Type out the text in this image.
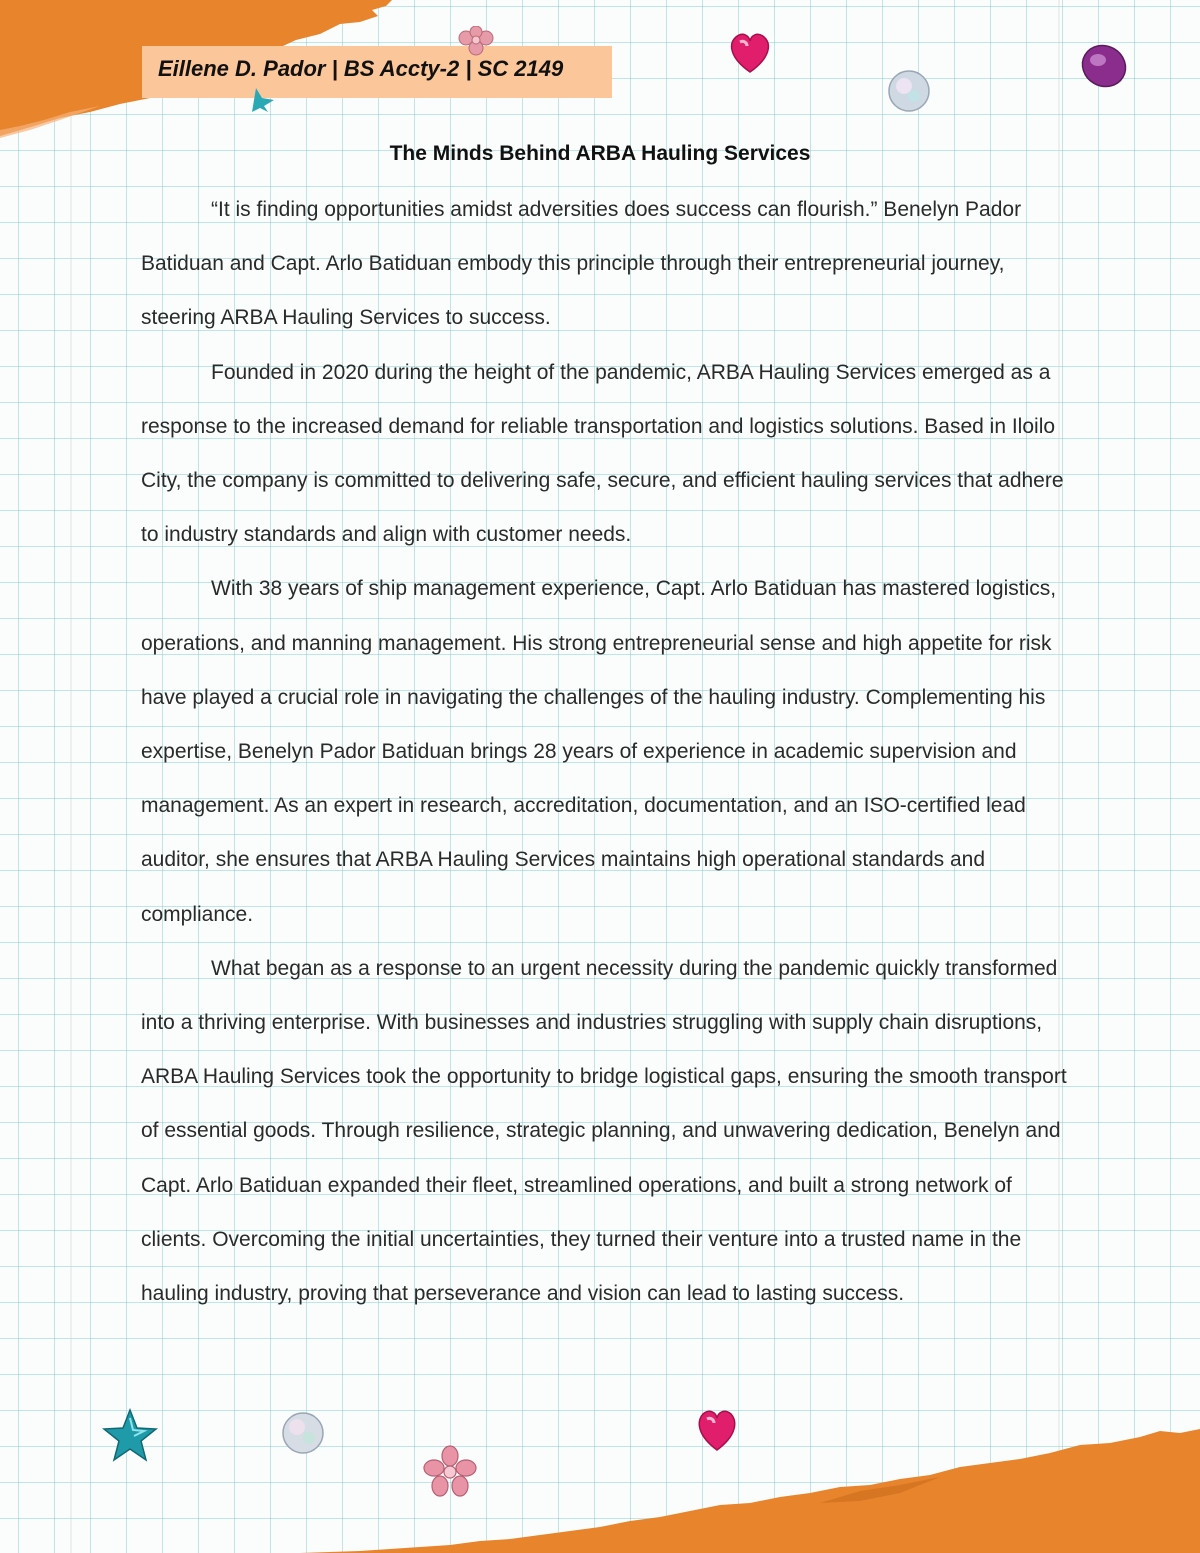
Eillene D. Pador | BS Accty-2 | SC 2149
The Minds Behind ARBA Hauling Services

“It is finding opportunities amidst adversities does success can flourish.” Benelyn Pador Batiduan and Capt. Arlo Batiduan embody this principle through their entrepreneurial journey, steering ARBA Hauling Services to success.

Founded in 2020 during the height of the pandemic, ARBA Hauling Services emerged as a response to the increased demand for reliable transportation and logistics solutions. Based in Iloilo City, the company is committed to delivering safe, secure, and efficient hauling services that adhere to industry standards and align with customer needs.

With 38 years of ship management experience, Capt. Arlo Batiduan has mastered logistics, operations, and manning management. His strong entrepreneurial sense and high appetite for risk have played a crucial role in navigating the challenges of the hauling industry. Complementing his expertise, Benelyn Pador Batiduan brings 28 years of experience in academic supervision and management. As an expert in research, accreditation, documentation, and an ISO-certified lead auditor, she ensures that ARBA Hauling Services maintains high operational standards and compliance.

What began as a response to an urgent necessity during the pandemic quickly transformed into a thriving enterprise. With businesses and industries struggling with supply chain disruptions, ARBA Hauling Services took the opportunity to bridge logistical gaps, ensuring the smooth transport of essential goods. Through resilience, strategic planning, and unwavering dedication, Benelyn and Capt. Arlo Batiduan expanded their fleet, streamlined operations, and built a strong network of clients. Overcoming the initial uncertainties, they turned their venture into a trusted name in the hauling industry, proving that perseverance and vision can lead to lasting success.
